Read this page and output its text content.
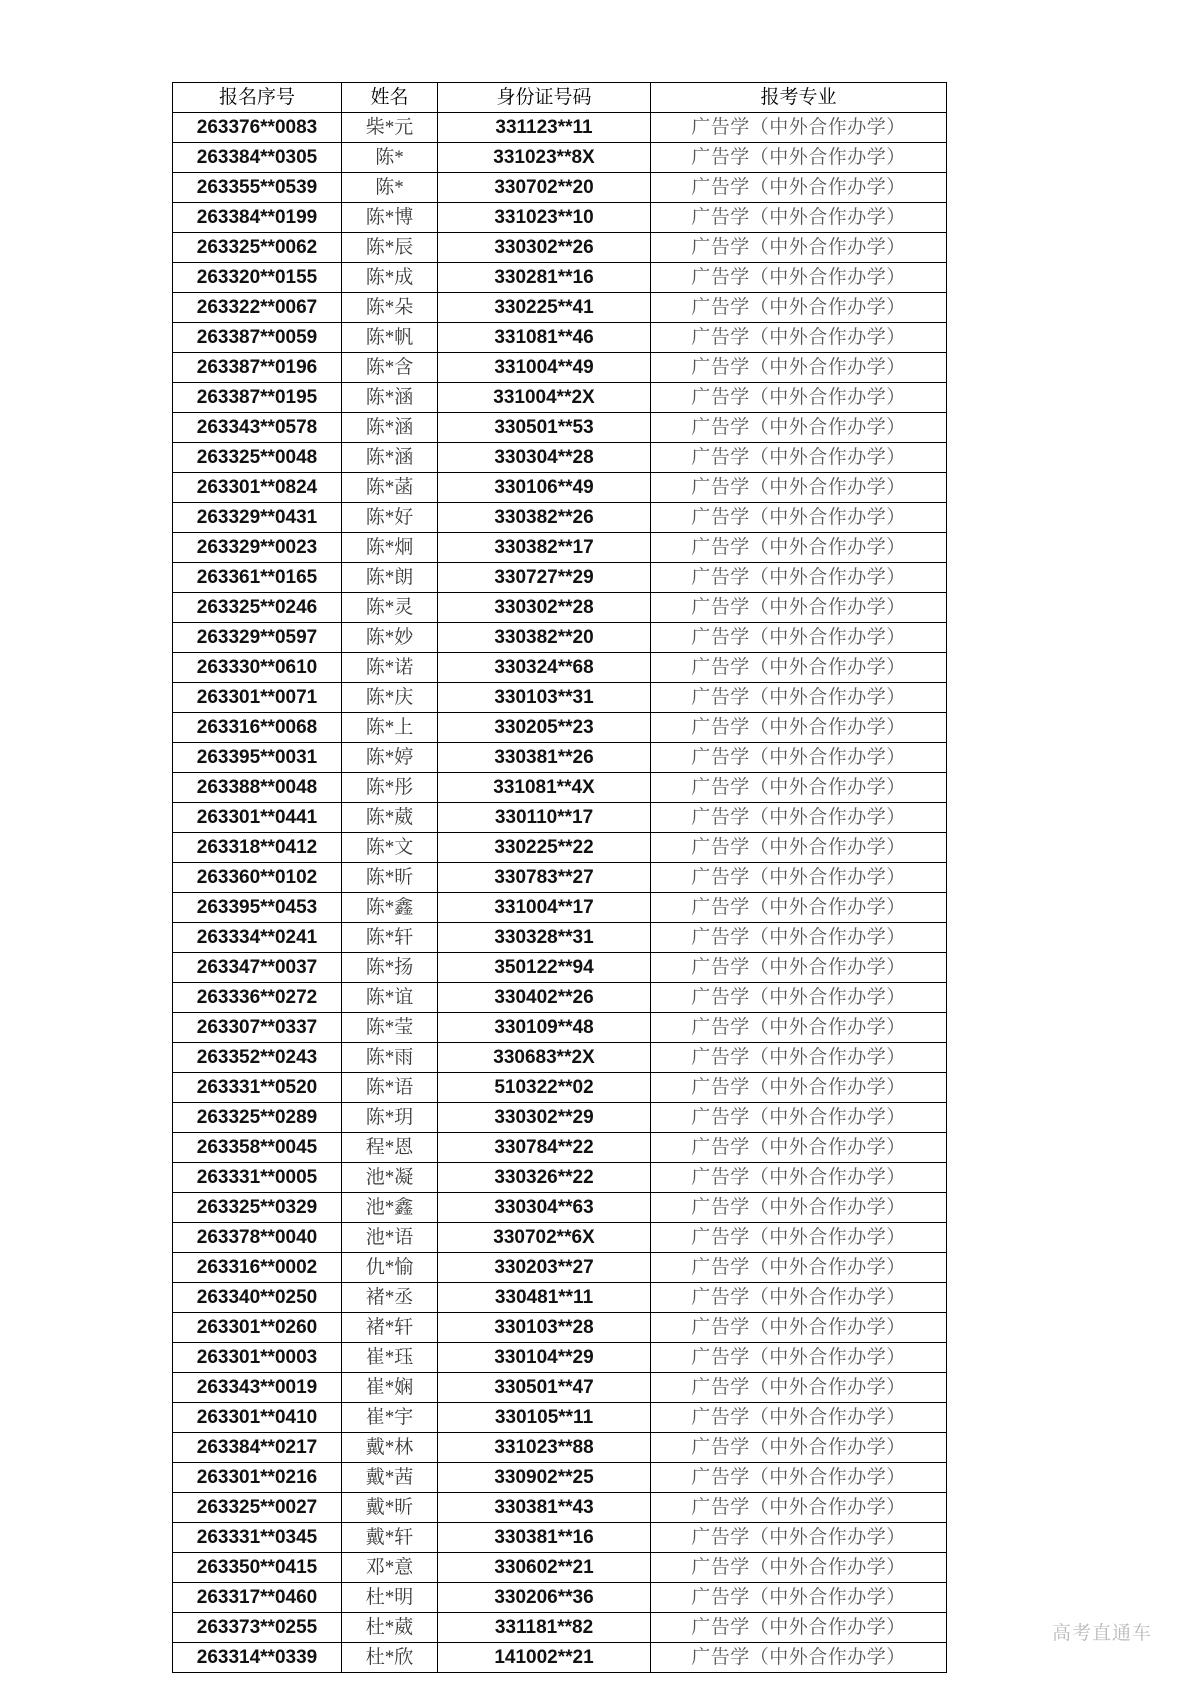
报名序号	姓名	身份证号码	报考专业
263376**0083	柴*元	331123**11	广告学（中外合作办学）
263384**0305	陈*	331023**8X	广告学（中外合作办学）
263355**0539	陈*	330702**20	广告学（中外合作办学）
263384**0199	陈*博	331023**10	广告学（中外合作办学）
263325**0062	陈*辰	330302**26	广告学（中外合作办学）
263320**0155	陈*成	330281**16	广告学（中外合作办学）
263322**0067	陈*朵	330225**41	广告学（中外合作办学）
263387**0059	陈*帆	331081**46	广告学（中外合作办学）
263387**0196	陈*含	331004**49	广告学（中外合作办学）
263387**0195	陈*涵	331004**2X	广告学（中外合作办学）
263343**0578	陈*涵	330501**53	广告学（中外合作办学）
263325**0048	陈*涵	330304**28	广告学（中外合作办学）
263301**0824	陈*菡	330106**49	广告学（中外合作办学）
263329**0431	陈*好	330382**26	广告学（中外合作办学）
263329**0023	陈*炯	330382**17	广告学（中外合作办学）
263361**0165	陈*朗	330727**29	广告学（中外合作办学）
263325**0246	陈*灵	330302**28	广告学（中外合作办学）
263329**0597	陈*妙	330382**20	广告学（中外合作办学）
263330**0610	陈*诺	330324**68	广告学（中外合作办学）
263301**0071	陈*庆	330103**31	广告学（中外合作办学）
263316**0068	陈*上	330205**23	广告学（中外合作办学）
263395**0031	陈*婷	330381**26	广告学（中外合作办学）
263388**0048	陈*彤	331081**4X	广告学（中外合作办学）
263301**0441	陈*葳	330110**17	广告学（中外合作办学）
263318**0412	陈*文	330225**22	广告学（中外合作办学）
263360**0102	陈*昕	330783**27	广告学（中外合作办学）
263395**0453	陈*鑫	331004**17	广告学（中外合作办学）
263334**0241	陈*轩	330328**31	广告学（中外合作办学）
263347**0037	陈*扬	350122**94	广告学（中外合作办学）
263336**0272	陈*谊	330402**26	广告学（中外合作办学）
263307**0337	陈*莹	330109**48	广告学（中外合作办学）
263352**0243	陈*雨	330683**2X	广告学（中外合作办学）
263331**0520	陈*语	510322**02	广告学（中外合作办学）
263325**0289	陈*玥	330302**29	广告学（中外合作办学）
263358**0045	程*恩	330784**22	广告学（中外合作办学）
263331**0005	池*凝	330326**22	广告学（中外合作办学）
263325**0329	池*鑫	330304**63	广告学（中外合作办学）
263378**0040	池*语	330702**6X	广告学（中外合作办学）
263316**0002	仇*愉	330203**27	广告学（中外合作办学）
263340**0250	褚*丞	330481**11	广告学（中外合作办学）
263301**0260	褚*轩	330103**28	广告学（中外合作办学）
263301**0003	崔*珏	330104**29	广告学（中外合作办学）
263343**0019	崔*娴	330501**47	广告学（中外合作办学）
263301**0410	崔*宇	330105**11	广告学（中外合作办学）
263384**0217	戴*林	331023**88	广告学（中外合作办学）
263301**0216	戴*茜	330902**25	广告学（中外合作办学）
263325**0027	戴*昕	330381**43	广告学（中外合作办学）
263331**0345	戴*轩	330381**16	广告学（中外合作办学）
263350**0415	邓*意	330602**21	广告学（中外合作办学）
263317**0460	杜*明	330206**36	广告学（中外合作办学）
263373**0255	杜*葳	331181**82	广告学（中外合作办学）
263314**0339	杜*欣	141002**21	广告学（中外合作办学）
高考直通车
